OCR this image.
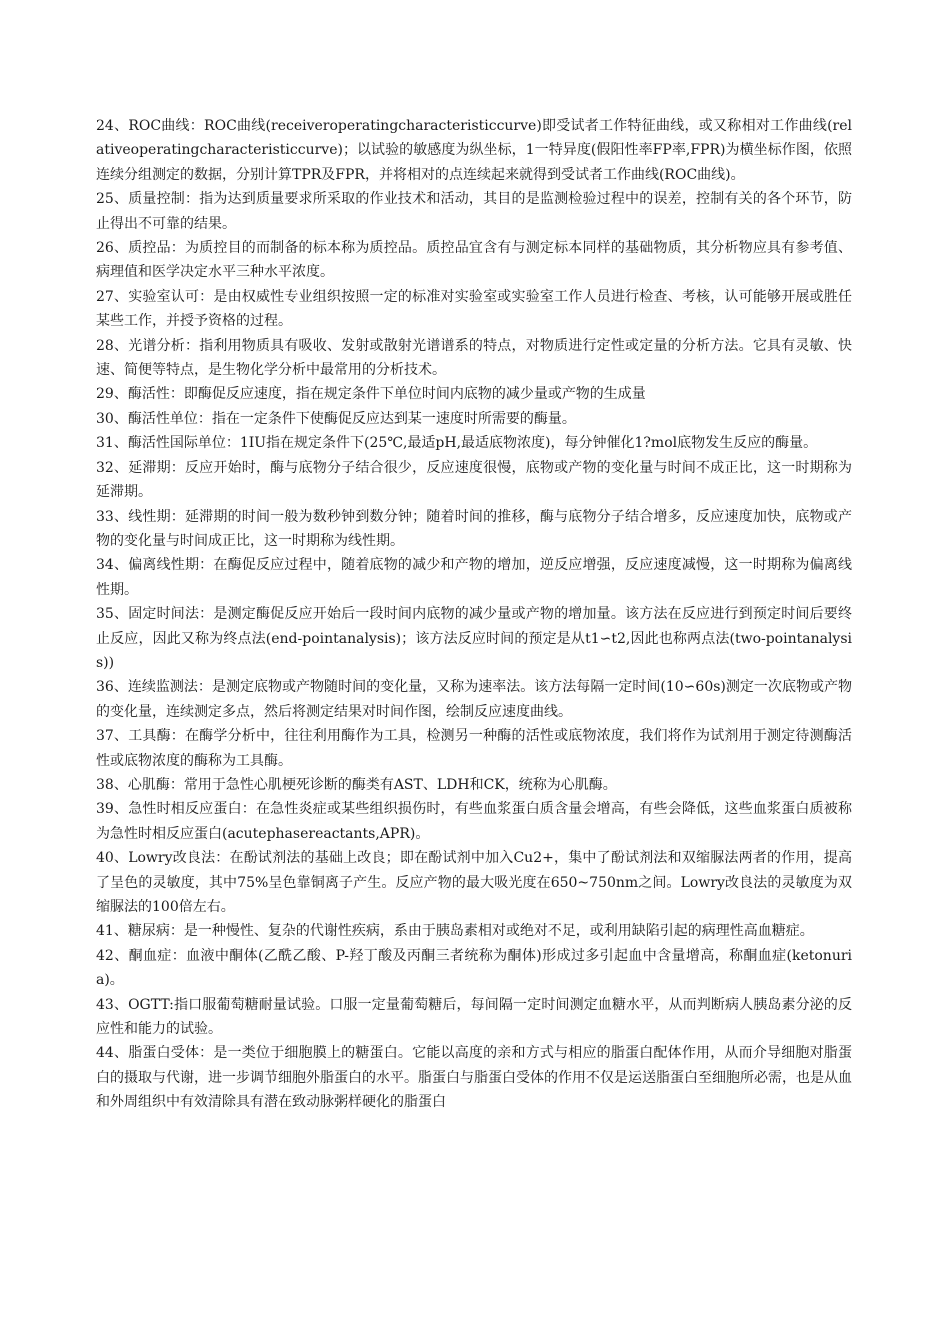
24、ROC曲线：ROC曲线(receiveroperatingcharacteristiccurve)即受试者工作特征曲线，或又称相对工作曲线(relativeoperatingcharacteristiccurve)；以试验的敏感度为纵坐标，1一特异度(假阳性率FP率,FPR)为横坐标作图，依照连续分组测定的数据，分别计算TPR及FPR，并将相对的点连续起来就得到受试者工作曲线(ROC曲线)。

25、质量控制：指为达到质量要求所采取的作业技术和活动，其目的是监测检验过程中的误差，控制有关的各个环节，防止得出不可靠的结果。

26、质控品：为质控目的而制备的标本称为质控品。质控品宜含有与测定标本同样的基础物质，其分析物应具有参考值、病理值和医学决定水平三种水平浓度。

27、实验室认可：是由权威性专业组织按照一定的标准对实验室或实验室工作人员进行检查、考核，认可能够开展或胜任某些工作，并授予资格的过程。

28、光谱分析：指利用物质具有吸收、发射或散射光谱谱系的特点，对物质进行定性或定量的分析方法。它具有灵敏、快速、简便等特点，是生物化学分析中最常用的分析技术。

29、酶活性：即酶促反应速度，指在规定条件下单位时间内底物的减少量或产物的生成量

30、酶活性单位：指在一定条件下使酶促反应达到某一速度时所需要的酶量。

31、酶活性国际单位：1IU指在规定条件下(25℃,最适pH,最适底物浓度)，每分钟催化1?mol底物发生反应的酶量。

32、延滞期：反应开始时，酶与底物分子结合很少，反应速度很慢，底物或产物的变化量与时间不成正比，这一时期称为延滞期。

33、线性期：延滞期的时间一般为数秒钟到数分钟；随着时间的推移，酶与底物分子结合增多，反应速度加快，底物或产物的变化量与时间成正比，这一时期称为线性期。

34、偏离线性期：在酶促反应过程中，随着底物的减少和产物的增加，逆反应增强，反应速度减慢，这一时期称为偏离线性期。

35、固定时间法：是测定酶促反应开始后一段时间内底物的减少量或产物的增加量。该方法在反应进行到预定时间后要终止反应，因此又称为终点法(end-pointanalysis)；该方法反应时间的预定是从t1∽t2,因此也称两点法(two-pointanalysis))

36、连续监测法：是测定底物或产物随时间的变化量，又称为速率法。该方法每隔一定时间(10∽60s)测定一次底物或产物的变化量，连续测定多点，然后将测定结果对时间作图，绘制反应速度曲线。

37、工具酶：在酶学分析中，往往利用酶作为工具，检测另一种酶的活性或底物浓度，我们将作为试剂用于测定待测酶活性或底物浓度的酶称为工具酶。

38、心肌酶：常用于急性心肌梗死诊断的酶类有AST、LDH和CK，统称为心肌酶。

39、急性时相反应蛋白：在急性炎症或某些组织损伤时，有些血浆蛋白质含量会增高，有些会降低，这些血浆蛋白质被称为急性时相反应蛋白(acutephasereactants,APR)。

40、Lowry改良法：在酚试剂法的基础上改良；即在酚试剂中加入Cu2+，集中了酚试剂法和双缩脲法两者的作用，提高了呈色的灵敏度，其中75%呈色靠铜离子产生。反应产物的最大吸光度在650~750nm之间。Lowry改良法的灵敏度为双缩脲法的100倍左右。

41、糖尿病：是一种慢性、复杂的代谢性疾病，系由于胰岛素相对或绝对不足，或利用缺陷引起的病理性高血糖症。

42、酮血症：血液中酮体(乙酰乙酸、P-羟丁酸及丙酮三者统称为酮体)形成过多引起血中含量增高，称酮血症(ketonuria)。

43、OGTT:指口服葡萄糖耐量试验。口服一定量葡萄糖后，每间隔一定时间测定血糖水平，从而判断病人胰岛素分泌的反应性和能力的试验。

44、脂蛋白受体：是一类位于细胞膜上的糖蛋白。它能以高度的亲和方式与相应的脂蛋白配体作用，从而介导细胞对脂蛋白的摄取与代谢，进一步调节细胞外脂蛋白的水平。脂蛋白与脂蛋白受体的作用不仅是运送脂蛋白至细胞所必需，也是从血和外周组织中有效清除具有潜在致动脉粥样硬化的脂蛋白
